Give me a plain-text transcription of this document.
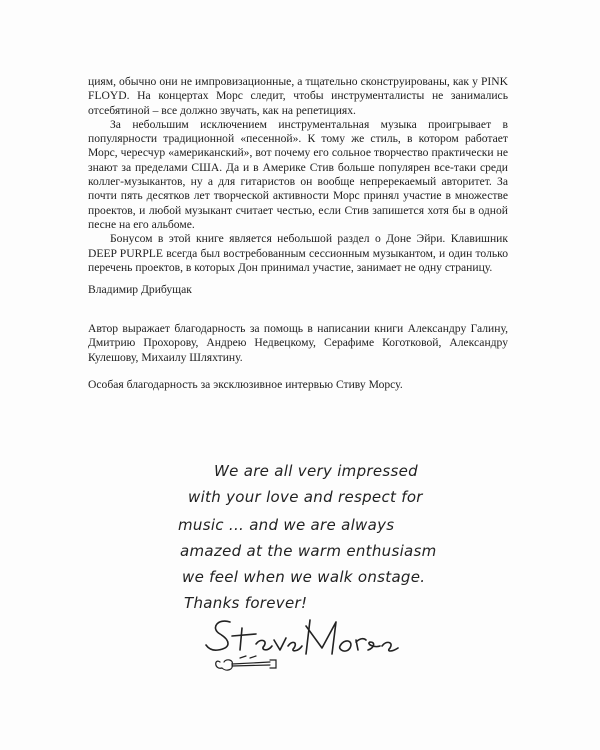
циям, обычно они не импровизационные, а тщательно сконструированы, как у PINK FLOYD. На концертах Морс следит, чтобы инструменталисты не занимались отсебятиной – все должно звучать, как на репетициях.

За небольшим исключением инструментальная музыка проигрывает в популярности традиционной «песенной». К тому же стиль, в котором работает Морс, чересчур «американский», вот почему его сольное творчество практически не знают за пределами США. Да и в Америке Стив больше популярен все-таки среди коллег-музыкантов, ну а для гитаристов он вообще непререкаемый авторитет. За почти пять десятков лет творческой активности Морс принял участие в множестве проектов, и любой музыкант считает честью, если Стив запишется хотя бы в одной песне на его альбоме.

Бонусом в этой книге является небольшой раздел о Доне Эйри. Клавишник DEEP PURPLE всегда был востребованным сессионным музыкантом, и один только перечень проектов, в которых Дон принимал участие, занимает не одну страницу.

Владимир Дрибущак

Автор выражает благодарность за помощь в написании книги Александру Галину, Дмитрию Прохорову, Андрею Недвецкому, Серафиме Коготковой, Александру Кулешову, Михаилу Шляхтину.

Особая благодарность за эксклюзивное интервью Стиву Морсу.

We are all very impressed
with your love and respect for
music ... and we are always
amazed at the warm enthusiasm
we feel when we walk onstage.
Thanks forever!
